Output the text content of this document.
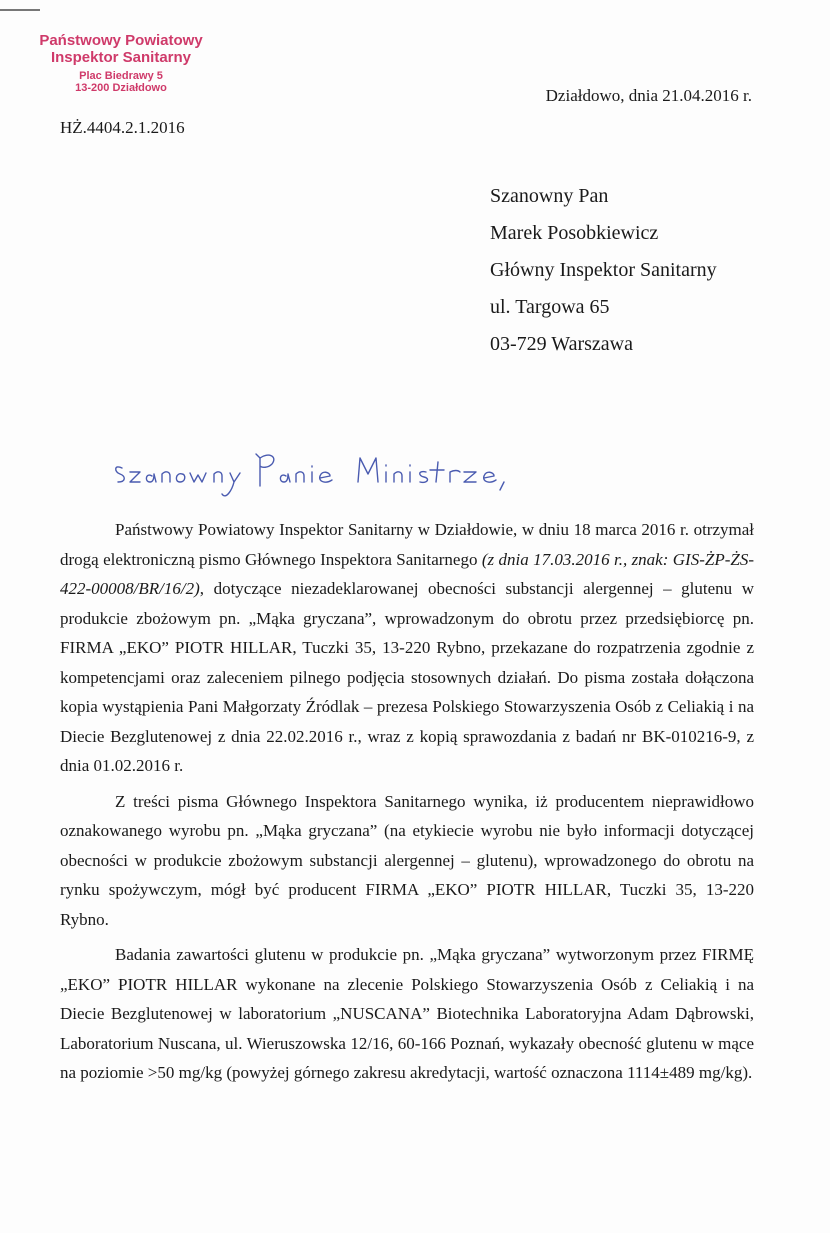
Państwowy Powiatowy
Inspektor Sanitarny
Plac Biedrawy 5
13-200 Działdowo	Działdowo, dnia 21.04.2016 r.
HŻ.4404.2.1.2016
Szanowny Pan
Marek Posobkiewicz
Główny Inspektor Sanitarny
ul. Targowa 65
03-729 Warszawa

Państwowy Powiatowy Inspektor Sanitarny w Działdowie, w dniu 18 marca 2016 r. otrzymał drogą elektroniczną pismo Głównego Inspektora Sanitarnego (z dnia 17.03.2016 r., znak: GIS-ŻP-ŻS-422-00008/BR/16/2), dotyczące niezadeklarowanej obecności substancji alergennej – glutenu w produkcie zbożowym pn. „Mąka gryczana”, wprowadzonym do obrotu przez przedsiębiorcę pn. FIRMA „EKO” PIOTR HILLAR, Tuczki 35, 13-220 Rybno, przekazane do rozpatrzenia zgodnie z kompetencjami oraz zaleceniem pilnego podjęcia stosownych działań. Do pisma została dołączona kopia wystąpienia Pani Małgorzaty Źródlak – prezesa Polskiego Stowarzyszenia Osób z Celiakią i na Diecie Bezglutenowej z dnia 22.02.2016 r., wraz z kopią sprawozdania z badań nr BK-010216-9, z dnia 01.02.2016 r.

Z treści pisma Głównego Inspektora Sanitarnego wynika, iż producentem nieprawidłowo oznakowanego wyrobu pn. „Mąka gryczana” (na etykiecie wyrobu nie było informacji dotyczącej obecności w produkcie zbożowym substancji alergennej – glutenu), wprowadzonego do obrotu na rynku spożywczym, mógł być producent FIRMA „EKO” PIOTR HILLAR, Tuczki 35, 13-220 Rybno.

Badania zawartości glutenu w produkcie pn. „Mąka gryczana” wytworzonym przez FIRMĘ „EKO” PIOTR HILLAR wykonane na zlecenie Polskiego Stowarzyszenia Osób z Celiakią i na Diecie Bezglutenowej w laboratorium „NUSCANA” Biotechnika Laboratoryjna Adam Dąbrowski, Laboratorium Nuscana, ul. Wieruszowska 12/16, 60-166 Poznań, wykazały obecność glutenu w mące na poziomie >50 mg/kg (powyżej górnego zakresu akredytacji, wartość oznaczona 1114±489 mg/kg).
